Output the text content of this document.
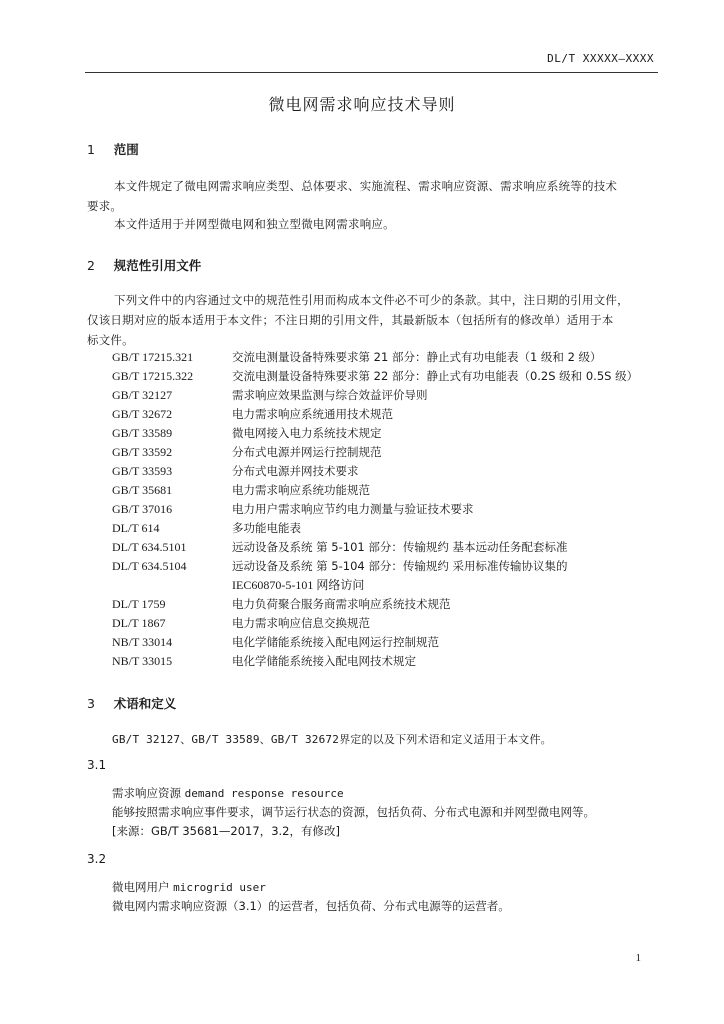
DL/T XXXXX—XXXX
微电网需求响应技术导则
1 范围
本文件规定了微电网需求响应类型、总体要求、实施流程、需求响应资源、需求响应系统等的技术
要求。
本文件适用于并网型微电网和独立型微电网需求响应。
2 规范性引用文件
下列文件中的内容通过文中的规范性引用而构成本文件必不可少的条款。其中，注日期的引用文件，
仅该日期对应的版本适用于本文件；不注日期的引用文件，其最新版本（包括所有的修改单）适用于本
标文件。
GB/T 17215.321	交流电测量设备特殊要求第 21 部分：静止式有功电能表（1 级和 2 级）
GB/T 17215.322	交流电测量设备特殊要求第 22 部分：静止式有功电能表（0.2S 级和 0.5S 级）
GB/T 32127	需求响应效果监测与综合效益评价导则
GB/T 32672	电力需求响应系统通用技术规范
GB/T 33589	微电网接入电力系统技术规定
GB/T 33592	分布式电源并网运行控制规范
GB/T 33593	分布式电源并网技术要求
GB/T 35681	电力需求响应系统功能规范
GB/T 37016	电力用户需求响应节约电力测量与验证技术要求
DL/T 614	多功能电能表
DL/T 634.5101	远动设备及系统 第 5-101 部分：传输规约 基本远动任务配套标准
DL/T 634.5104	远动设备及系统 第 5-104 部分：传输规约 采用标准传输协议集的
IEC60870-5-101 网络访问
DL/T 1759	电力负荷聚合服务商需求响应系统技术规范
DL/T 1867	电力需求响应信息交换规范
NB/T 33014	电化学储能系统接入配电网运行控制规范
NB/T 33015	电化学储能系统接入配电网技术规定
3 术语和定义
GB/T 32127、GB/T 33589、GB/T 32672界定的以及下列术语和定义适用于本文件。
3.1
需求响应资源 demand response resource
能够按照需求响应事件要求，调节运行状态的资源，包括负荷、分布式电源和并网型微电网等。
[来源：GB/T 35681—2017，3.2，有修改]
3.2
微电网用户 microgrid user
微电网内需求响应资源（3.1）的运营者，包括负荷、分布式电源等的运营者。
1
